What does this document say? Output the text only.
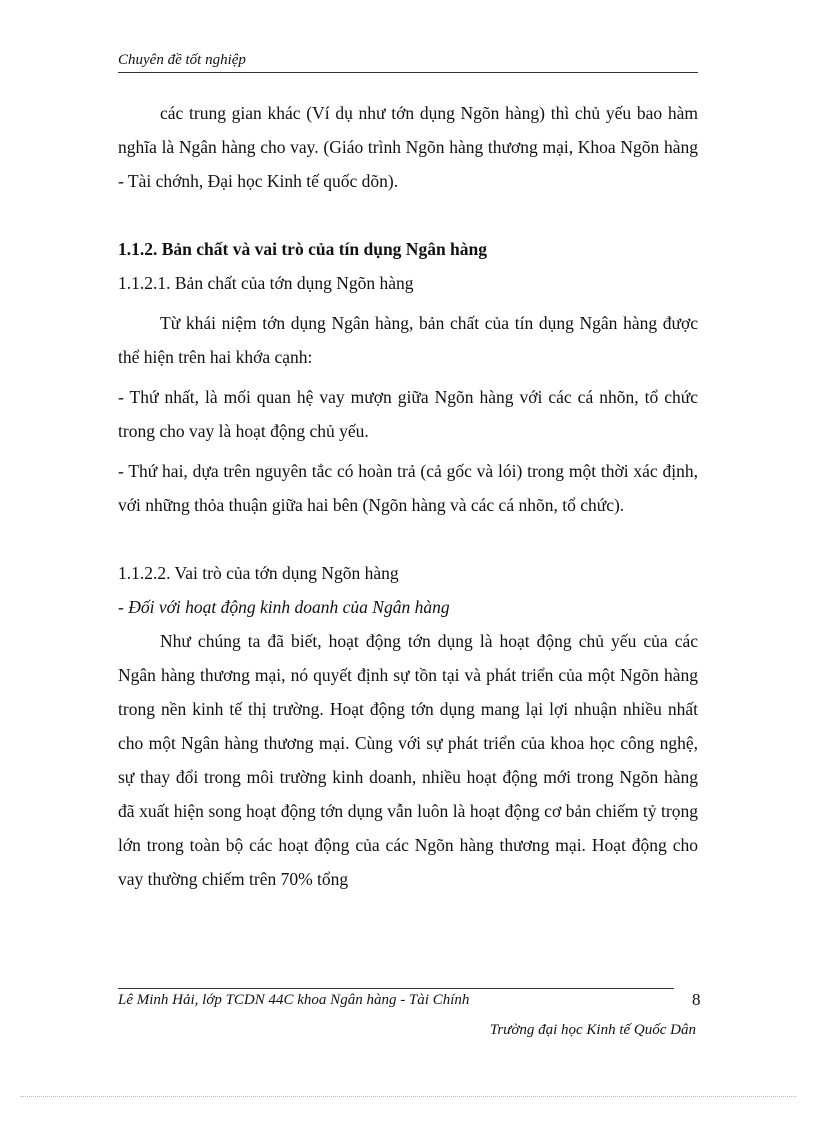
Chuyên đề tốt nghiệp

các trung gian khác (Ví dụ như tớn dụng Ngõn hàng) thì chủ yếu bao hàm nghĩa là Ngân hàng cho vay. (Giáo trình Ngõn hàng thương mại, Khoa Ngõn hàng - Tài chớnh, Đại học Kinh tế quốc dõn).

1.1.2. Bản chất và vai trò của tín dụng Ngân hàng

1.1.2.1. Bản chất của tớn dụng Ngõn hàng

Từ khái niệm tớn dụng Ngân hàng, bản chất của tín dụng Ngân hàng được thể hiện trên hai khớa cạnh:

- Thứ nhất, là mối quan hệ vay mượn giữa Ngõn hàng với các cá nhõn, tổ chức trong cho vay là hoạt động chủ yếu.

- Thứ hai, dựa trên nguyên tắc có hoàn trả (cả gốc và lói) trong một thời xác định, với những thỏa thuận giữa hai bên (Ngõn hàng và các cá nhõn, tổ chức).

1.1.2.2. Vai trò của tớn dụng Ngõn hàng

- Đối với hoạt động kinh doanh của Ngân hàng

Như chúng ta đã biết, hoạt động tớn dụng là hoạt động chủ yếu của các Ngân hàng thương mại, nó quyết định sự tồn tại và phát triển của một Ngõn hàng trong nền kinh tế thị trường. Hoạt động tớn dụng mang lại lợi nhuận nhiều nhất cho một Ngân hàng thương mại. Cùng với sự phát triển của khoa học công nghệ, sự thay đổi trong môi trường kinh doanh, nhiều hoạt động mới trong Ngõn hàng đã xuất hiện song hoạt động tớn dụng vẫn luôn là hoạt động cơ bản chiếm tỷ trọng lớn trong toàn bộ các hoạt động của các Ngõn hàng thương mại. Hoạt động cho vay thường chiếm trên 70% tổng

Lê Minh Hải, lớp TCDN 44C khoa Ngân hàng - Tài Chính	8
Trường đại học Kinh tế Quốc Dân
